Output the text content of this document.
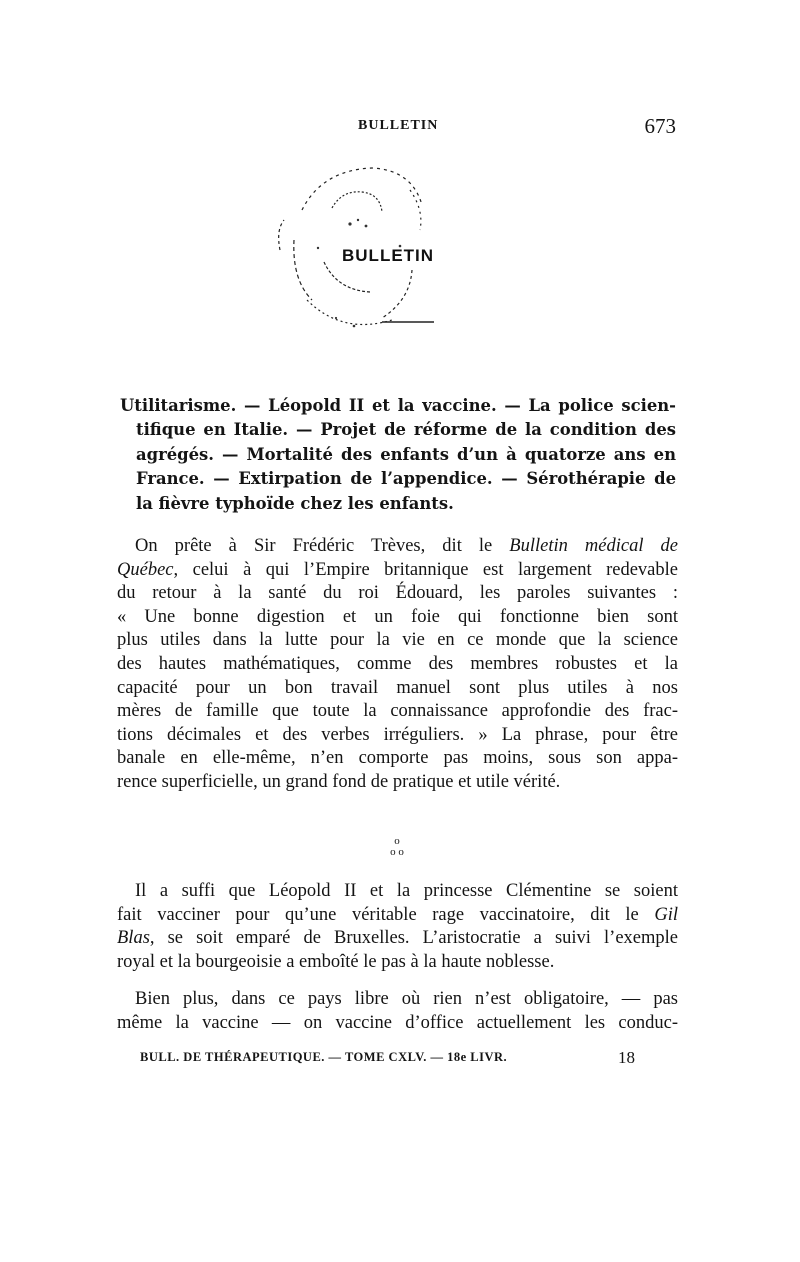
BULLETIN	673
BULLETIN
Utilitarisme. — Léopold II et la vaccine. — La police scien-
tifique en Italie. — Projet de réforme de la condition des
agrégés. — Mortalité des enfants d’un à quatorze ans en
France. — Extirpation de l’appendice. — Sérothérapie de
la fièvre typhoïde chez les enfants.
On prête à Sir Frédéric Trèves, dit le Bulletin médical de
Québec, celui à qui l’Empire britannique est largement redevable
du retour à la santé du roi Édouard, les paroles suivantes :
« Une bonne digestion et un foie qui fonctionne bien sont
plus utiles dans la lutte pour la vie en ce monde que la science
des hautes mathématiques, comme des membres robustes et la
capacité pour un bon travail manuel sont plus utiles à nos
mères de famille que toute la connaissance approfondie des frac-
tions décimales et des verbes irréguliers. » La phrase, pour être
banale en elle-même, n’en comporte pas moins, sous son appa-
rence superficielle, un grand fond de pratique et utile vérité.
o
o o
Il a suffi que Léopold II et la princesse Clémentine se soient
fait vacciner pour qu’une véritable rage vaccinatoire, dit le Gil
Blas, se soit emparé de Bruxelles. L’aristocratie a suivi l’exemple
royal et la bourgeoisie a emboîté le pas à la haute noblesse.
Bien plus, dans ce pays libre où rien n’est obligatoire, — pas
même la vaccine — on vaccine d’office actuellement les conduc-
BULL. DE THÉRAPEUTIQUE. — TOME CXLV. — 18e LIVR.	18
